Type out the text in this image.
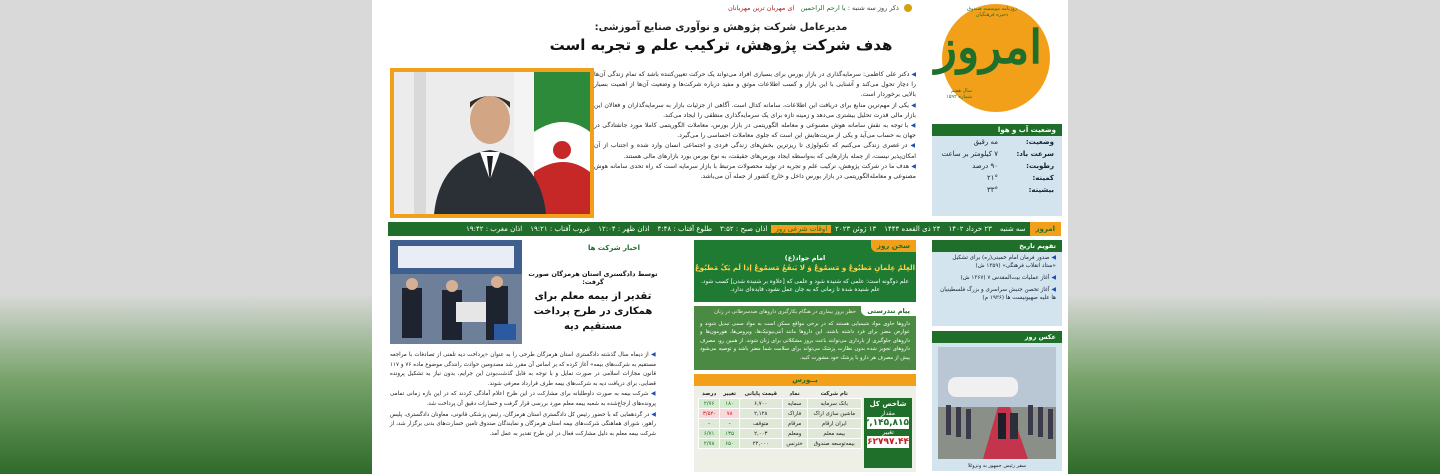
ذکر روز سه شنبه : یا ارحم الراحمین   ای مهربان ترین مهربانان	روزنامه موسسه صندوق ذخیره فرهنگیان
امروز
سال هفتم
شماره ۱۵۹۲
وضعیت آب و هوا
وضعیت:
مه رقیق
سرعت باد:
۷ کیلومتر بر ساعت
رطوبت:
۹۰ درصد
کمینه:
۲۱°
بیشینه:
۳۳°
مدیرعامل شرکت پژوهش و نوآوری صنایع آموزشی:
هدف شرکت پژوهش، ترکیب علم و تجربه است

◀ دکتر علی کاظمی: سرمایه‌گذاری در بازار بورس برای بسیاری افراد می‌تواند یک حرکت تعیین‌کننده باشد که تمام زندگی آن‌ها را دچار تحول می‌کند و آشنایی با این بازار و کسب اطلاعات موثق و مفید درباره شرکت‌ها و وضعیت آن‌ها از اهمیت بسیار بالایی برخوردار است.

◀ یکی از مهم‌ترین منابع برای دریافت این اطلاعات، سامانه کدال است. آگاهی از جزئیات بازار به سرمایه‌گذاران و فعالان این بازار مالی قدرت تحلیل بیشتری می‌دهد و زمینه تازه برای یک سرمایه‌گذاری منطقی را ایجاد می‌کند.

◀ با توجه به نقش سامانه هوش مصنوعی و معامله الگوریتمی در بازار بورس، معاملات الگوریتمی کاملا مورد جانفتادگی در جهان به حساب می‌آید و یکی از مزیت‌هایش این است که جلوی معاملات احساسی را می‌گیرد.

◀ در عصری زندگی می‌کنیم که تکنولوژی تا ریزترین بخش‌های زندگی فردی و اجتماعی انسان وارد شده و اجتناب از آن امکان‌پذیر نیست، از جمله بازارهایی که به‌واسطه ایجاد بورس‌های حقیقت، به‌ نوع بورس بورد بازارهای مالی هستند.

◀ هدف ما در شرکت پژوهش، ترکیب علم و تجربه در تولید محصولات مرتبط با بازار سرمایه است که راه‌ تحدی سامانه هوش مصنوعی و معامله‌الگوریتمی در بازار بورس داخل و خارج کشور از جمله آن می‌باشد.

امروز
سه شنبه
۲۳ خرداد ۱۴۰۲
۲۴ ذی القعده ۱۴۴۴
۱۳ ژوئن ۲۰۲۳
اوقات شرعی روز
اذان صبح : ۳:۵۲
طلوع آفتاب : ۴:۴۸
اذان ظهر : ۱۲:۰۴
غروب آفتاب : ۱۹:۲۱
اذان مغرب : ۱۹:۴۲
تقویم تاریخ
◀ صدور فرمان امام خمینی(ره) برای تشکیل «ستاد انقلاب فرهنگی» (۱۳۵۹ ش)
◀ آغاز عملیات بیت‌المقدس ۷ (۱۳۶۷ ش)
◀ آغاز تحصن جنبش سراسری و بزرگ فلسطینیان ها علیه صهیونیست ها (۱۹۳۶ م)
عکس روز
سفر رئیس‌ جمهور به ونزوئلا
سخن روز
امام جواد(ع)
العِلمُ عِلمانِ مَطبُوعٌ و مَسمُوعٌ وَ لا یَنفَعُ مَسمُوعٌ إذا لَم یَکُ مَطبُوعٌ
علم دوگونه است: علمی که شنیده شود و علمی که [علاوه بر شنیده شدن] کسب شود. علم شنیده شده تا زمانی که به جان عمل نشود، فایده‌ای ندارد.
پیام تندرستی
خطر بروز بیماری‌ در هنگام بکارگیری داروهای ضدسرطانی در زنان
داروها حاوی مواد شیمیایی هستند که در برخی مواقع ممکن است به مواد سمی تبدیل شوند و عوارض مضر برای فرد داشته باشند. این داروها مانند آنتی‌بیوتیک‌ها، ویروس‌ها، هورمون‌ها و داروهای جلوگیری از بارداری می‌توانند باعث بروز مشکلاتی برای زنان شوند. از همین رو، مصرف داروهای تجویز شده بدون نظارت پزشک می‌تواند برای سلامت شما مضر باشد و توصیه می‌شود پیش از مصرف هر دارو با پزشک خود مشورت کنید.
بــورس
شاخص‌ کل
مقدار
۲,۱۴۵,۸۱۵
تغییر
۶۲۷۹۷.۴۴
نام شرکت	نماد	قیمت پایانی	تغییر	درصد
بانک سرمایه	سمایه	۶,۷۰۰	۱۸۰	۲/۷۶
ماشین سازی اراک	فاراک	۲,۱۲۸	۷۸	-۳/۵۴
ایران ارقام	مرقام	متوقف	-	-
بیمه معلم	ومعلم	۲,۰۰۳	۱۳۵	۶/۷۱
بیمه‌توسعه‌ صندوق	خترنس	۲۲,۰۰۰	۶۵۰	۲/۷۸
اخبار شرکت ها
توسط دادگستری استان هرمزگان صورت گرفت:
تقدیر از بیمه معلم برای همکاری در طرح پرداخت مستقیم دیه

◀ از دیماه سال گذشته دادگستری استان هرمزگان طرحی را به عنوان «پرداخت دیه تلفنی از تصادفات با مراجعه مستقیم به شرکت‌های بیمه» آغاز کرده که بر اساس آن مقرر شد مصدومین حوادث رانندگی موضوع ماده ۷۶ و ۱۱۷ قانون مجازات اسلامی در صورت تمایل و با توجه به قابل گذشت‌بودن این جرایم، بدون نیاز به تشکیل پرونده قضایی، برای دریافت دیه به شرکت‌های بیمه طرف قرارداد معرفی شوند.

◀ شرکت بیمه به صورت داوطلبانه برای مشارکت در این طرح اعلام آمادگی کردند که در این بازه زمانی تمامی پرونده‌های ارجاع‌شده به شعبه بیمه معلم مورد بررسی قرار گرفت و خسارات دقیق آن پرداخت شد.

◀ در گردهمایی که با حضور رئیس کل دادگستری استان هرمزگان، رئیس پزشکی قانونی، معاونان دادگستری، پلیس راهور، شورای هماهنگی شرکت‌های بیمه استان هرمزگان و نمایندگان صندوق تامین خسارت‌های بدنی برگزار شد، از شرکت بیمه معلم به دلیل مشارکت فعال در این طرح تقدیر به عمل آمد.
